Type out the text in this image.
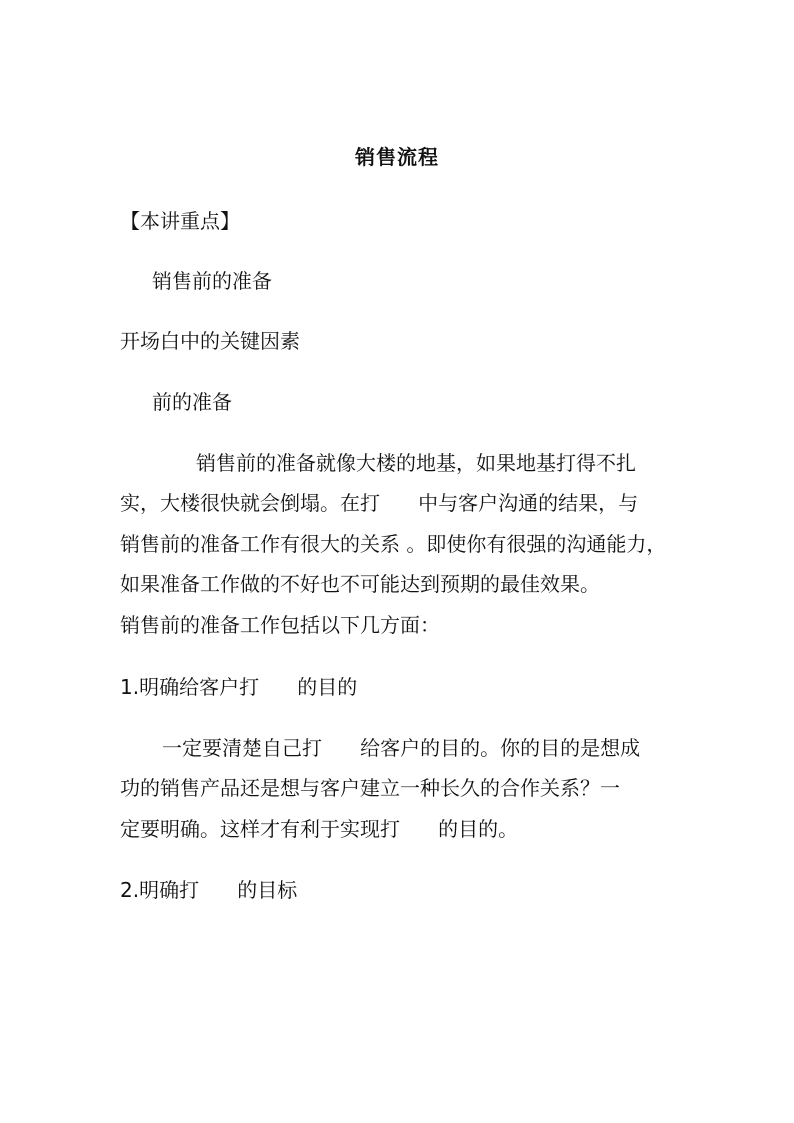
销售流程
【本讲重点】
销售前的准备
开场白中的关键因素
前的准备
销售前的准备就像大楼的地基，如果地基打得不扎
实，大楼很快就会倒塌。在打      中与客户沟通的结果，与
销售前的准备工作有很大的关系 。即使你有很强的沟通能力，
如果准备工作做的不好也不可能达到预期的最佳效果。
销售前的准备工作包括以下几方面：
1.明确给客户打      的目的
一定要清楚自己打      给客户的目的。你的目的是想成
功的销售产品还是想与客户建立一种长久的合作关系？一
定要明确。这样才有利于实现打      的目的。
2.明确打      的目标
